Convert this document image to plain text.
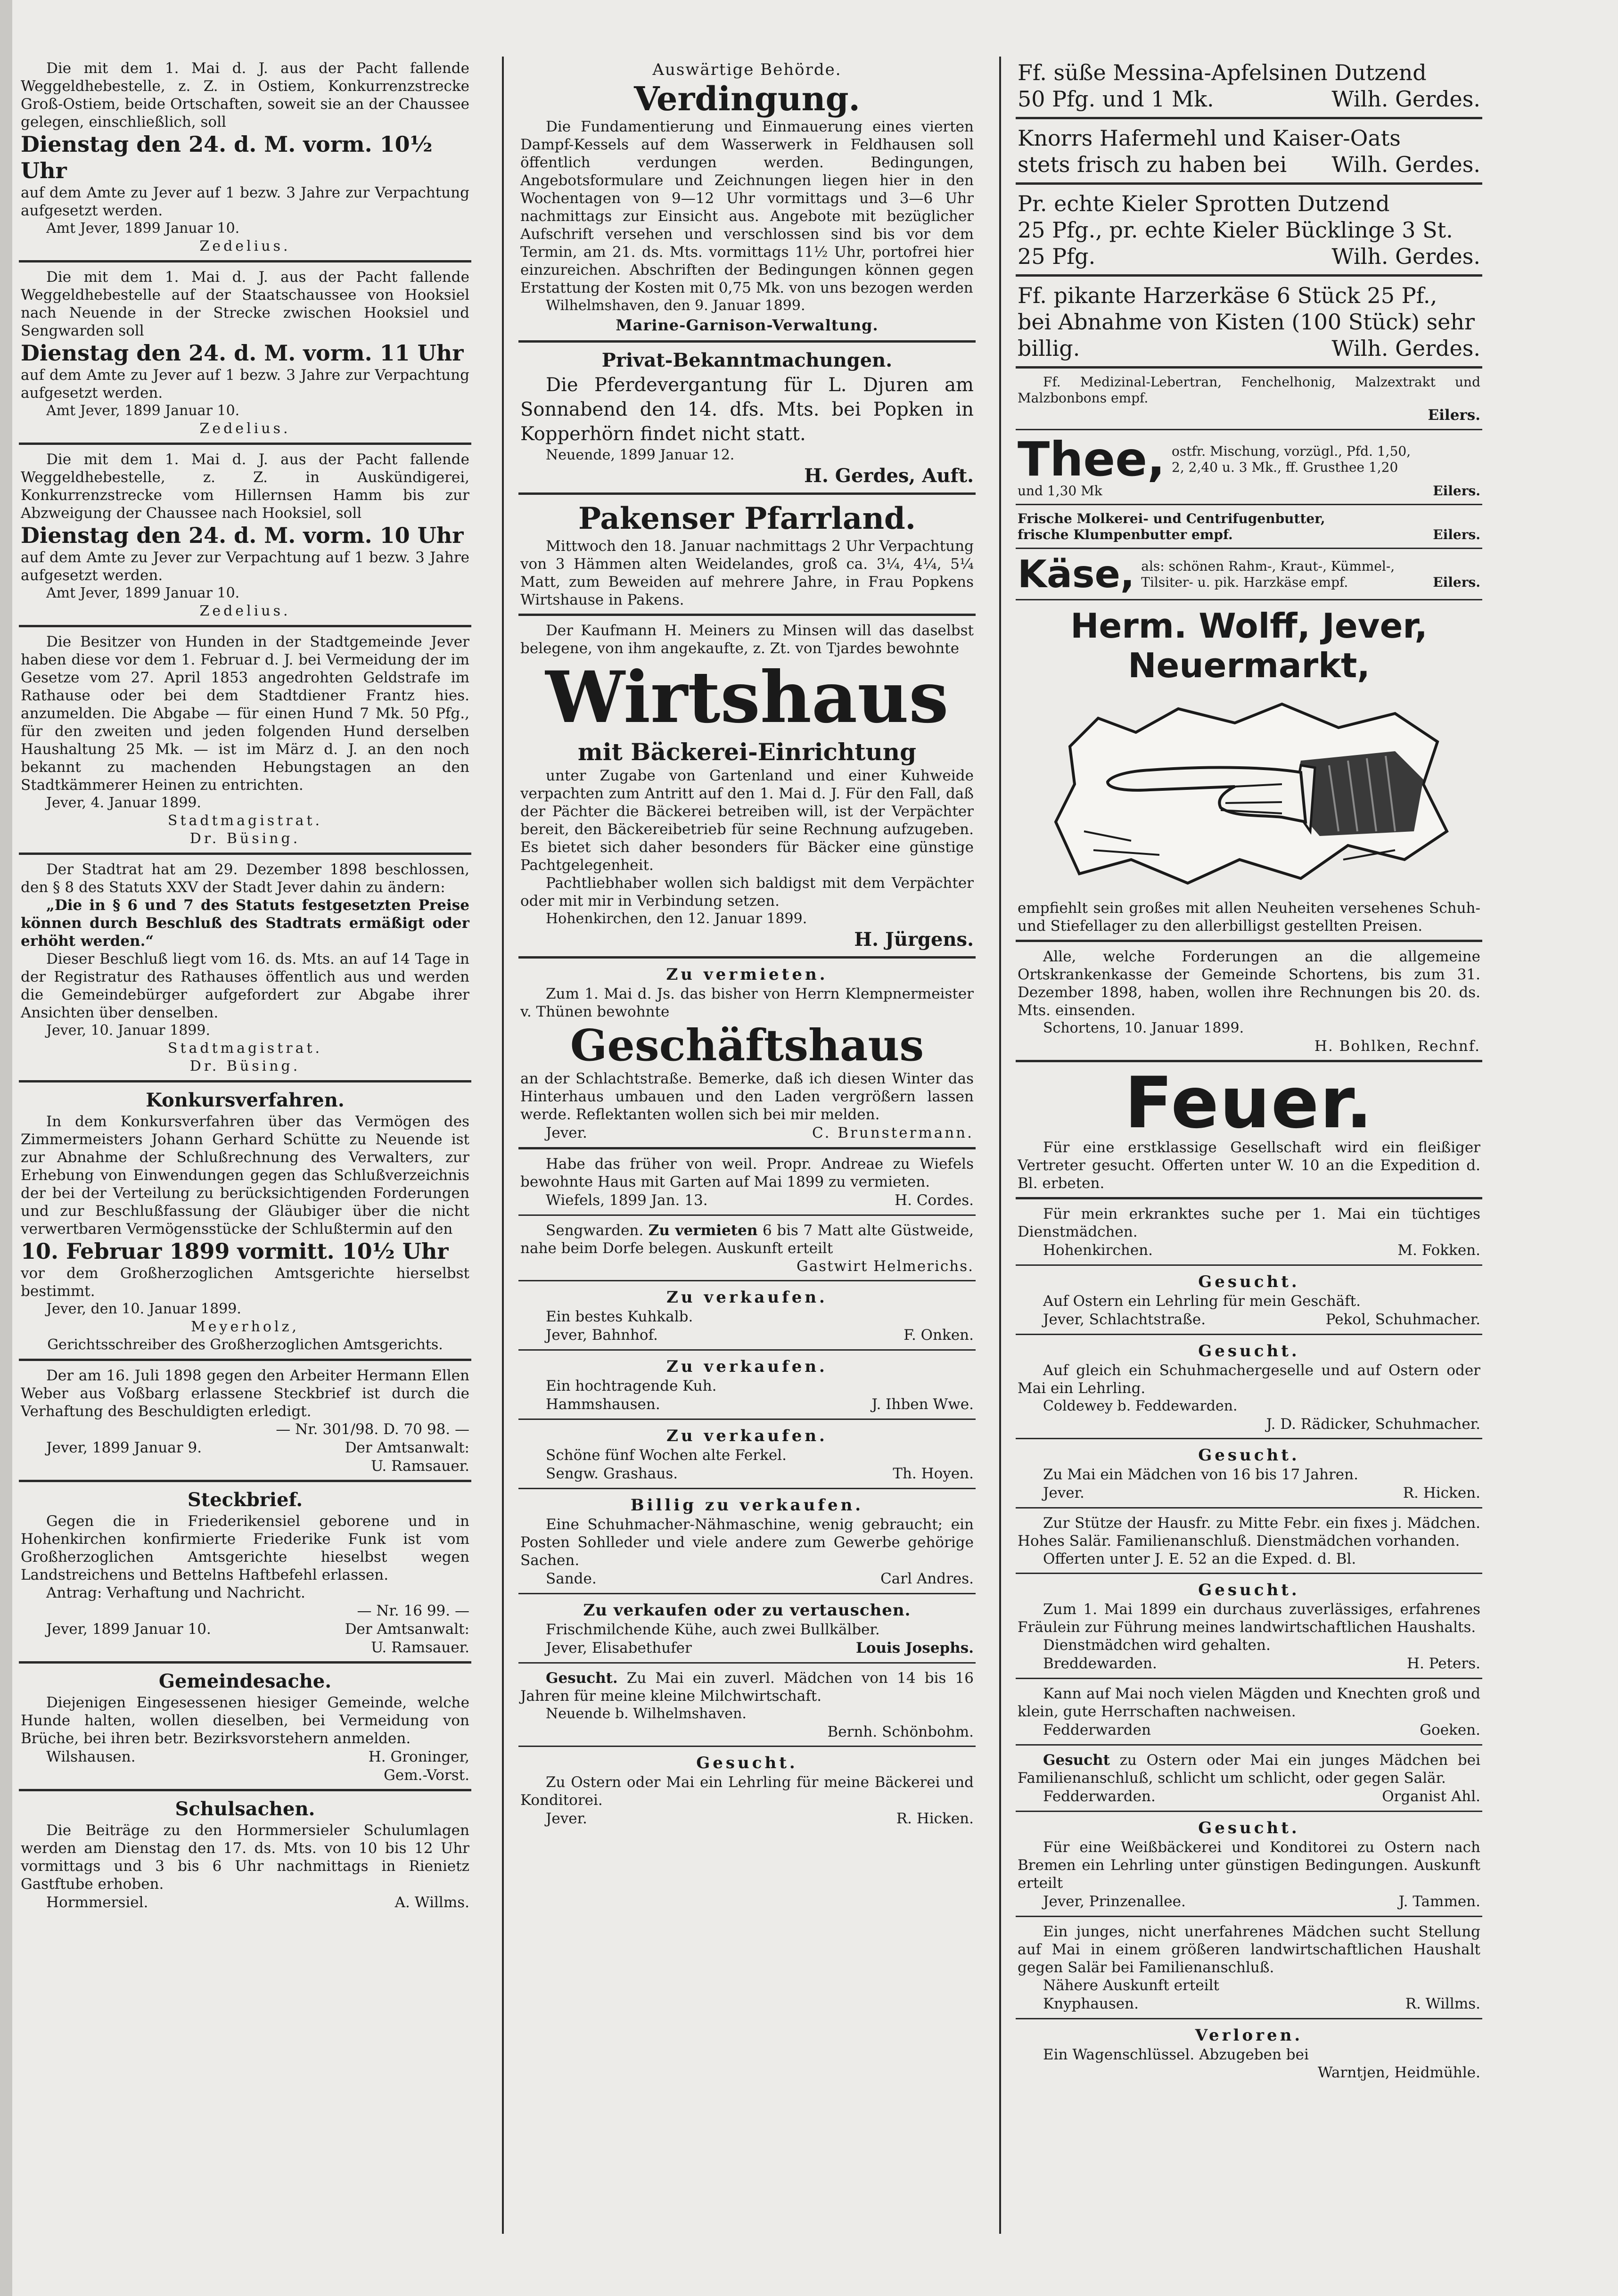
Die mit dem 1. Mai d. J. aus der Pacht fallende Weggeldhebestelle, z. Z. in Ostiem, Konkurrenzstrecke Groß-Ostiem, beide Ortschaften, soweit sie an der Chaussee gelegen, einschließlich, soll

Dienstag den 24. d. M. vorm. 10½ Uhr

auf dem Amte zu Jever auf 1 bezw. 3 Jahre zur Verpachtung aufgesetzt werden.

Amt Jever, 1899 Januar 10.
Zedelius.

Die mit dem 1. Mai d. J. aus der Pacht fallende Weggeldhebestelle auf der Staatschaussee von Hooksiel nach Neuende in der Strecke zwischen Hooksiel und Sengwarden soll

Dienstag den 24. d. M. vorm. 11 Uhr

auf dem Amte zu Jever auf 1 bezw. 3 Jahre zur Verpachtung aufgesetzt werden.

Amt Jever, 1899 Januar 10.
Zedelius.

Die mit dem 1. Mai d. J. aus der Pacht fallende Weggeldhebestelle, z. Z. in Auskündigerei, Konkurrenzstrecke vom Hillernsen Hamm bis zur Abzweigung der Chaussee nach Hooksiel, soll

Dienstag den 24. d. M. vorm. 10 Uhr

auf dem Amte zu Jever zur Verpachtung auf 1 bezw. 3 Jahre aufgesetzt werden.

Amt Jever, 1899 Januar 10.
Zedelius.

Die Besitzer von Hunden in der Stadtgemeinde Jever haben diese vor dem 1. Februar d. J. bei Vermeidung der im Gesetze vom 27. April 1853 angedrohten Geldstrafe im Rathause oder bei dem Stadtdiener Frantz hies. anzumelden. Die Abgabe — für einen Hund 7 Mk. 50 Pfg., für den zweiten und jeden folgenden Hund derselben Haushaltung 25 Mk. — ist im März d. J. an den noch bekannt zu machenden Hebungstagen an den Stadtkämmerer Heinen zu entrichten.

Jever, 4. Januar 1899.
Stadtmagistrat.
Dr. Büsing.

Der Stadtrat hat am 29. Dezember 1898 beschlossen, den § 8 des Statuts XXV der Stadt Jever dahin zu ändern:

„Die in § 6 und 7 des Statuts festgesetzten Preise können durch Beschluß des Stadtrats ermäßigt oder erhöht werden.“

Dieser Beschluß liegt vom 16. ds. Mts. an auf 14 Tage in der Registratur des Rathauses öffentlich aus und werden die Gemeindebürger aufgefordert zur Abgabe ihrer Ansichten über denselben.

Jever, 10. Januar 1899.
Stadtmagistrat.
Dr. Büsing.
Konkursverfahren.

In dem Konkursverfahren über das Vermögen des Zimmermeisters Johann Gerhard Schütte zu Neuende ist zur Abnahme der Schlußrechnung des Verwalters, zur Erhebung von Einwendungen gegen das Schlußverzeichnis der bei der Verteilung zu berücksichtigenden Forderungen und zur Beschlußfassung der Gläubiger über die nicht verwertbaren Vermögensstücke der Schlußtermin auf den

10. Februar 1899 vormitt. 10½ Uhr

vor dem Großherzoglichen Amtsgerichte hierselbst bestimmt.

Jever, den 10. Januar 1899.
Meyerholz,
Gerichtsschreiber des Großherzoglichen Amtsgerichts.

Der am 16. Juli 1898 gegen den Arbeiter Hermann Ellen Weber aus Voßbarg erlassene Steckbrief ist durch die Verhaftung des Beschuldigten erledigt.

— Nr. 301/98. D. 70 98. —
Jever, 1899 Januar 9.	Der Amtsanwalt:
U. Ramsauer.
Steckbrief.

Gegen die in Friederikensiel geborene und in Hohenkirchen konfirmierte Friederike Funk ist vom Großherzoglichen Amtsgerichte hieselbst wegen Landstreichens und Bettelns Haftbefehl erlassen.

Antrag: Verhaftung und Nachricht.

— Nr. 16 99. —
Jever, 1899 Januar 10.	Der Amtsanwalt:
U. Ramsauer.
Gemeindesache.

Diejenigen Eingesessenen hiesiger Gemeinde, welche Hunde halten, wollen dieselben, bei Vermeidung von Brüche, bei ihren betr. Bezirksvorstehern anmelden.

Wilshausen.	H. Groninger,
Gem.-Vorst.
Schulsachen.

Die Beiträge zu den Hormmersieler Schulumlagen werden am Dienstag den 17. ds. Mts. von 10 bis 12 Uhr vormittags und 3 bis 6 Uhr nachmittags in Rienietz Gastftube erhoben.

Hormmersiel.	A. Willms.
Auswärtige Behörde.
Verdingung.

Die Fundamentierung und Einmauerung eines vierten Dampf-Kessels auf dem Wasserwerk in Feldhausen soll öffentlich verdungen werden. Bedingungen, Angebotsformulare und Zeichnungen liegen hier in den Wochentagen von 9—12 Uhr vormittags und 3—6 Uhr nachmittags zur Einsicht aus. Angebote mit bezüglicher Aufschrift versehen und verschlossen sind bis vor dem Termin, am 21. ds. Mts. vormittags 11½ Uhr, portofrei hier einzureichen. Abschriften der Bedingungen können gegen Erstattung der Kosten mit 0,75 Mk. von uns bezogen werden

Wilhelmshaven, den 9. Januar 1899.
Marine-Garnison-Verwaltung.
Privat-Bekanntmachungen.

Die Pferdevergantung für L. Djuren am Sonnabend den 14. dfs. Mts. bei Popken in Kopperhörn findet nicht statt.

Neuende, 1899 Januar 12.
H. Gerdes, Auft.
Pakenser Pfarrland.

Mittwoch den 18. Januar nachmittags 2 Uhr Verpachtung von 3 Hämmen alten Weidelandes, groß ca. 3¼, 4¼, 5¼ Matt, zum Beweiden auf mehrere Jahre, in Frau Popkens Wirtshause in Pakens.

Der Kaufmann H. Meiners zu Minsen will das daselbst belegene, von ihm angekaufte, z. Zt. von Tjardes bewohnte

Wirtshaus
mit Bäckerei-Einrichtung

unter Zugabe von Gartenland und einer Kuhweide verpachten zum Antritt auf den 1. Mai d. J. Für den Fall, daß der Pächter die Bäckerei betreiben will, ist der Verpächter bereit, den Bäckereibetrieb für seine Rechnung aufzugeben. Es bietet sich daher besonders für Bäcker eine günstige Pachtgelegenheit.

Pachtliebhaber wollen sich baldigst mit dem Verpächter oder mit mir in Verbindung setzen.

Hohenkirchen, den 12. Januar 1899.
H. Jürgens.
Zu vermieten.

Zum 1. Mai d. Js. das bisher von Herrn Klempnermeister v. Thünen bewohnte

Geschäftshaus

an der Schlachtstraße. Bemerke, daß ich diesen Winter das Hinterhaus umbauen und den Laden vergrößern lassen werde. Reflektanten wollen sich bei mir melden.

Jever.	C. Brunstermann.

Habe das früher von weil. Propr. Andreae zu Wiefels bewohnte Haus mit Garten auf Mai 1899 zu vermieten.

Wiefels, 1899 Jan. 13.	H. Cordes.

Sengwarden. Zu vermieten 6 bis 7 Matt alte Güstweide, nahe beim Dorfe belegen. Auskunft erteilt

Gastwirt Helmerichs.
Zu verkaufen.

Ein bestes Kuhkalb.

Jever, Bahnhof.	F. Onken.
Zu verkaufen.

Ein hochtragende Kuh.

Hammshausen.	J. Ihben Wwe.
Zu verkaufen.

Schöne fünf Wochen alte Ferkel.

Sengw. Grashaus.	Th. Hoyen.
Billig zu verkaufen.

Eine Schuhmacher-Nähmaschine, wenig gebraucht; ein Posten Sohlleder und viele andere zum Gewerbe gehörige Sachen.

Sande.	Carl Andres.
Zu verkaufen oder zu vertauschen.

Frischmilchende Kühe, auch zwei Bullkälber.

Jever, Elisabethufer	Louis Josephs.

Gesucht. Zu Mai ein zuverl. Mädchen von 14 bis 16 Jahren für meine kleine Milchwirtschaft.

Neuende b. Wilhelmshaven.
Bernh. Schönbohm.
Gesucht.

Zu Ostern oder Mai ein Lehrling für meine Bäckerei und Konditorei.

Jever.	R. Hicken.
Ff. süße Messina-Apfelsinen Dutzend
50 Pfg. und 1 Mk.	Wilh. Gerdes.
Knorrs Hafermehl und Kaiser-Oats
stets frisch zu haben bei Wilh. Gerdes.
Pr. echte Kieler Sprotten Dutzend
25 Pfg., pr. echte Kieler Bücklinge 3 St.
25 Pfg.	Wilh. Gerdes.
Ff. pikante Harzerkäse 6 Stück 25 Pf.,
bei Abnahme von Kisten (100 Stück) sehr
billig.	Wilh. Gerdes.

Ff. Medizinal-Lebertran, Fenchelhonig, Malzextrakt und Malzbonbons empf.

Eilers.
Thee, ostfr. Mischung, vorzügl., Pfd. 1,50,
2, 2,40 u. 3 Mk., ff. Grusthee 1,20
und 1,30 Mk	Eilers.
Frische Molkerei- und Centrifugenbutter,
frische Klumpenbutter empf.	Eilers.
Käse, als: schönen Rahm-, Kraut-, Kümmel-,
Tilsiter- u. pik. Harzkäse empf.	Eilers.
Herm. Wolff, Jever, Neuermarkt,

empfiehlt sein großes mit allen Neuheiten versehenes Schuh- und Stiefellager zu den allerbilligst gestellten Preisen.

Alle, welche Forderungen an die allgemeine Ortskrankenkasse der Gemeinde Schortens, bis zum 31. Dezember 1898, haben, wollen ihre Rechnungen bis 20. ds. Mts. einsenden.

Schortens, 10. Januar 1899.
H. Bohlken, Rechnf.
Feuer.

Für eine erstklassige Gesellschaft wird ein fleißiger Vertreter gesucht. Offerten unter W. 10 an die Expedition d. Bl. erbeten.

Für mein erkranktes suche per 1. Mai ein tüchtiges Dienstmädchen.

Hohenkirchen.	M. Fokken.
Gesucht.

Auf Ostern ein Lehrling für mein Geschäft.

Jever, Schlachtstraße.	Pekol, Schuhmacher.
Gesucht.

Auf gleich ein Schuhmachergeselle und auf Ostern oder Mai ein Lehrling.

Coldewey b. Feddewarden.
J. D. Rädicker, Schuhmacher.
Gesucht.

Zu Mai ein Mädchen von 16 bis 17 Jahren.

Jever.	R. Hicken.

Zur Stütze der Hausfr. zu Mitte Febr. ein fixes j. Mädchen. Hohes Salär. Familienanschluß. Dienstmädchen vorhanden.

Offerten unter J. E. 52 an die Exped. d. Bl.

Gesucht.

Zum 1. Mai 1899 ein durchaus zuverlässiges, erfahrenes Fräulein zur Führung meines landwirtschaftlichen Haushalts.

Dienstmädchen wird gehalten.

Breddewarden.	H. Peters.

Kann auf Mai noch vielen Mägden und Knechten groß und klein, gute Herrschaften nachweisen.

Fedderwarden	Goeken.

Gesucht zu Ostern oder Mai ein junges Mädchen bei Familienanschluß, schlicht um schlicht, oder gegen Salär.

Fedderwarden.	Organist Ahl.
Gesucht.

Für eine Weißbäckerei und Konditorei zu Ostern nach Bremen ein Lehrling unter günstigen Bedingungen. Auskunft erteilt

Jever, Prinzenallee.	J. Tammen.

Ein junges, nicht unerfahrenes Mädchen sucht Stellung auf Mai in einem größeren landwirtschaftlichen Haushalt gegen Salär bei Familienanschluß.

Nähere Auskunft erteilt

Knyphausen.	R. Willms.
Verloren.

Ein Wagenschlüssel. Abzugeben bei

Warntjen, Heidmühle.
